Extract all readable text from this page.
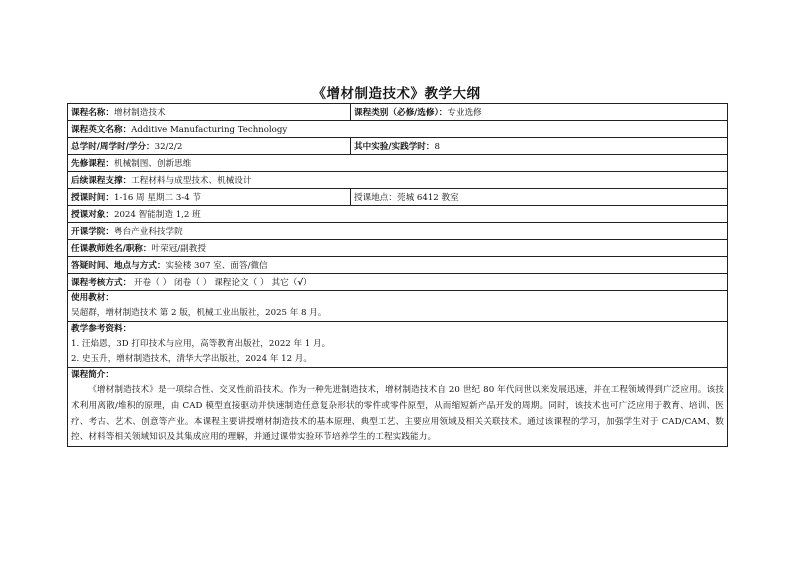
《增材制造技术》教学大纲
课程名称：增材制造技术	课程类别（必修/选修）：专业选修
课程英文名称：Additive Manufacturing Technology	
总学时/周学时/学分：32/2/2	其中实验/实践学时：8
先修课程：机械制图、创新思维	
后续课程支撑：工程材料与成型技术、机械设计	
授课时间：1-16 周 星期二 3-4 节	授课地点：莞城 6412 教室
授课对象：2024 智能制造 1,2 班	
开课学院：粤台产业科技学院	
任课教师姓名/职称：叶荣冠/副教授	
答疑时间、地点与方式：实验楼 307 室、面答/微信	
课程考核方式： 开卷（ ） 闭卷（ ） 课程论文（ ） 其它（√）	

使用教材：
吴超群，增材制造技术 第 2 版，机械工业出版社，2025 年 8 月。	

教学参考资料：
1. 汪焰恩，3D 打印技术与应用，高等教育出版社，2022 年 1 月。
2. 史玉升，增材制造技术，清华大学出版社，2024 年 12 月。	

课程简介：
《增材制造技术》是一项综合性、交叉性前沿技术。作为一种先进制造技术，增材制造技术自 20 世纪 80 年代问世以来发展迅速，并在工程领域得到广泛应用。该技术利用离散/堆积的原理，由 CAD 模型直接驱动并快速制造任意复杂形状的零件或零件原型，从而缩短新产品开发的周期。同时，该技术也可广泛应用于教育、培训、医疗、考古、艺术、创意等产业。本课程主要讲授增材制造技术的基本原理、典型工艺、主要应用领域及相关关联技术。通过该课程的学习，加强学生对于 CAD/CAM、数控、材料等相关领域知识及其集成应用的理解，并通过课带实验环节培养学生的工程实践能力。	
